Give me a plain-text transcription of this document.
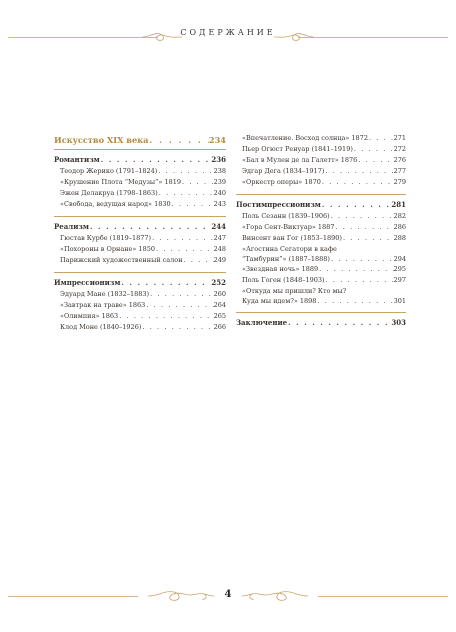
СОДЕРЖАНИЕ
Искусство XIX века . . .	234
Романтизм . . .	236
Теодор Жерико (1791–1824) . . .	238
«Крушение Плота “Медузы”» 1819 . . .	239
Эжен Делакруа (1798–1863) . . .	240
«Свобода, ведущая народ» 1830 . . .	243
Реализм . . .	244
Гюстав Курбе (1819–1877) . . .	247
«Похороны в Орнане» 1850 . . .	248
Парижский художественный салон . . .	249
Импрессионизм . . .	252
Эдуард Мане (1832–1883) . . .	260
«Завтрак на траве» 1863 . . .	264
«Олимпия» 1863 . . .	265
Клод Моне (1840–1926) . . .	266
«Впечатление. Восход солнца» 1872 . . .	271
Пьер Огюст Ренуар (1841–1919) . . .	272
«Бал в Мулен де ла Галетт» 1876 . . .	276
Эдгар Дега (1834–1917) . . .	277
«Оркестр оперы» 1870 . . .	279
Постимпрессионизм . . .	281
Поль Сезанн (1839–1906) . . .	282
«Гора Сент-Виктуар» 1887 . . .	286
Винсент ван Гог (1853–1890) . . .	288
«Агостина Сегатори в кафе
“Тамбурин”» (1887–1888) . . .	294
«Звездная ночь» 1889 . . .	295
Поль Гоген (1848–1903) . . .	297
«Откуда мы пришли? Кто мы?
Куда мы идем?» 1898 . . .	301
Заключение . . .	303
4
